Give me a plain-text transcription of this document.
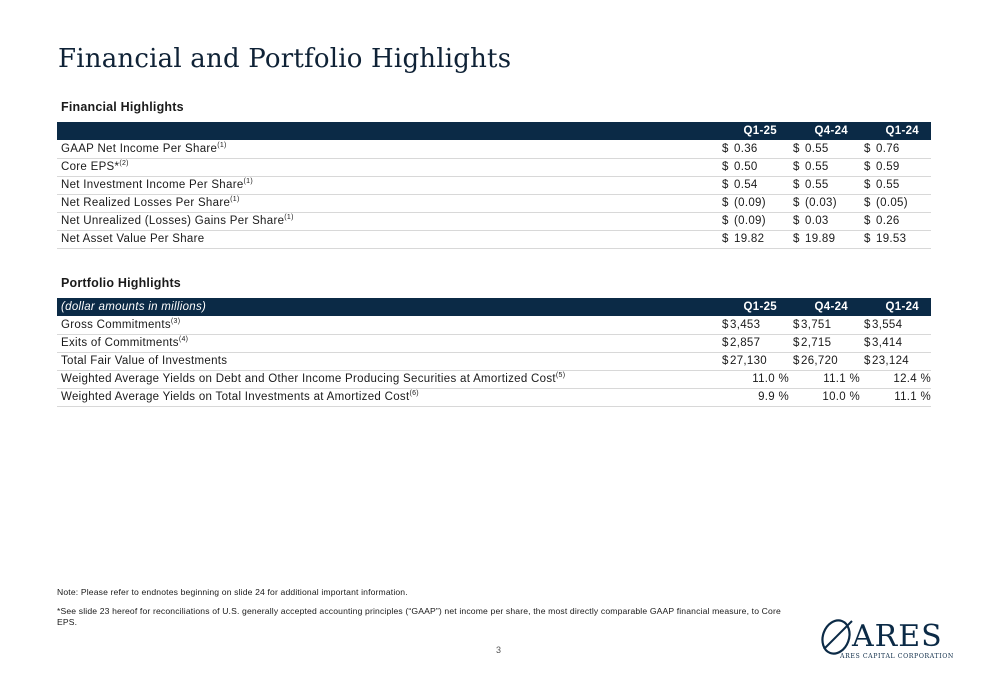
Financial and Portfolio Highlights
Financial Highlights
	Q1-25	Q4-24	Q1-24
GAAP Net Income Per Share$^{(1)}$	$ 0.36	$ 0.55	$ 0.76
Core EPS*$^{(2)}$	$ 0.50	$ 0.55	$ 0.59
Net Investment Income Per Share$^{(1)}$	$ 0.54	$ 0.55	$ 0.55
Net Realized Losses Per Share$^{(1)}$	$ (0.09)	$ (0.03)	$ (0.05)
Net Unrealized (Losses) Gains Per Share$^{(1)}$	$ (0.09)	$ 0.03	$ 0.26
Net Asset Value Per Share	$ 19.82	$ 19.89	$ 19.53
Portfolio Highlights
(dollar amounts in millions)	Q1-25	Q4-24	Q1-24
Gross Commitments$^{(3)}$	$3,453	$3,751	$3,554
Exits of Commitments$^{(4)}$	$2,857	$2,715	$3,414
Total Fair Value of Investments	$27,130	$26,720	$23,124
Weighted Average Yields on Debt and Other Income Producing Securities at Amortized Cost$^{(5)}$	11.0 %	11.1 %	12.4 %
Weighted Average Yields on Total Investments at Amortized Cost$^{(6)}$	9.9 %	10.0 %	11.1 %
Note: Please refer to endnotes beginning on slide 24 for additional important information.
*See slide 23 hereof for reconciliations of U.S. generally accepted accounting principles (“GAAP”) net income per share, the most directly comparable GAAP financial measure, to Core EPS.
3	ARES
ARES CAPITAL CORPORATION
